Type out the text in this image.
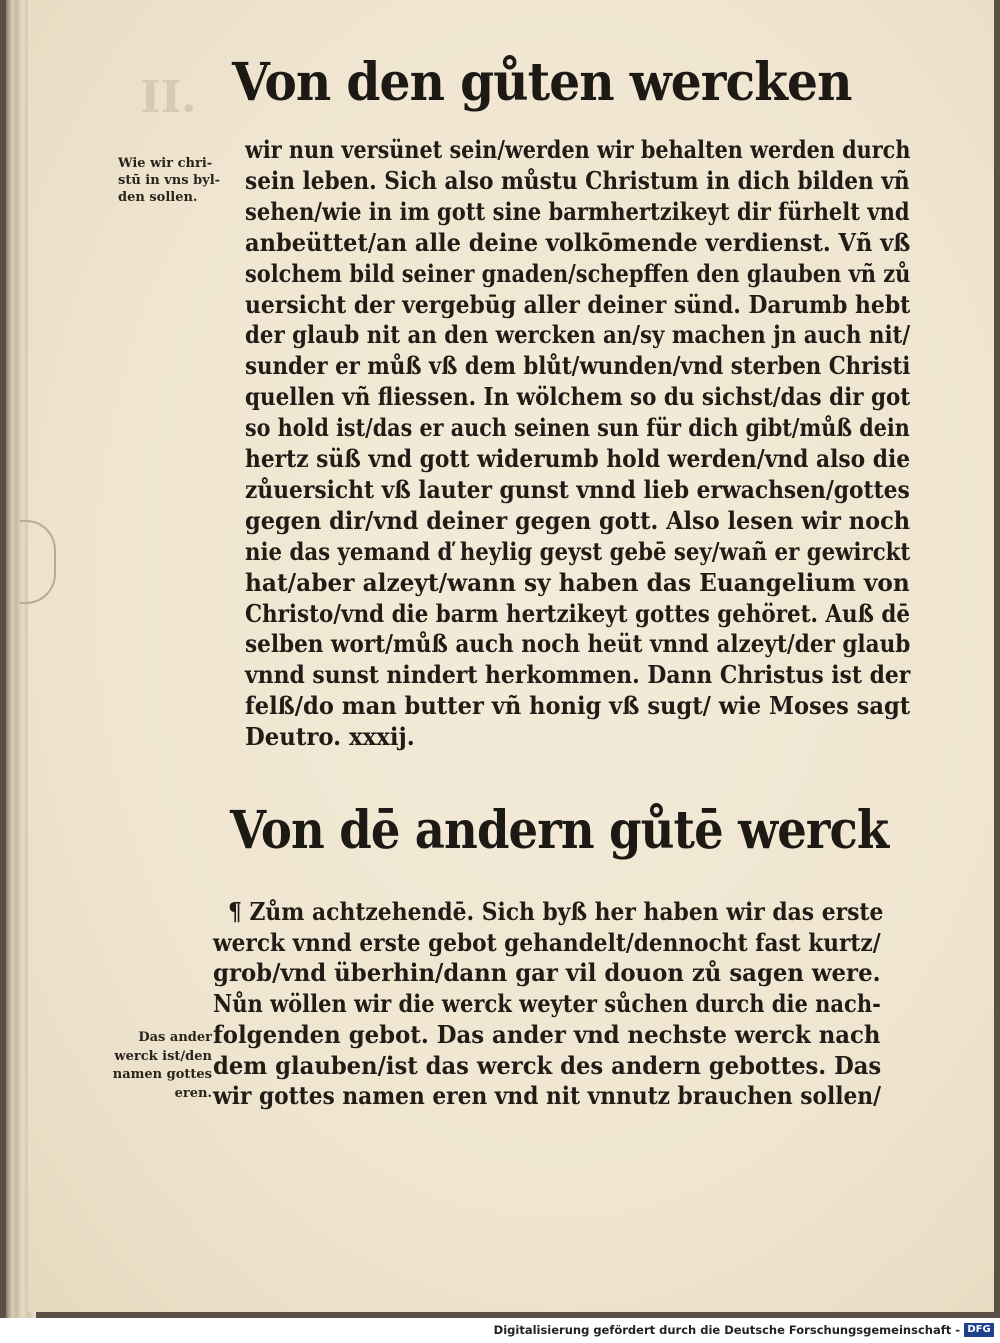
II. Von den gůten wercken
wir nun versünet sein/werden wir behalten werden durch
sein leben. Sich also můstu Christum in dich bilden vñ
sehen/wie in im gott sine barmhertzikeyt dir fürhelt vnd
anbeüttet/an alle deine volkōmende verdienst. Vñ vß
solchem bild seiner gnaden/schepffen den glauben vñ zů
uersicht der vergebūg aller deiner sünd. Darumb hebt
der glaub nit an den wercken an/sy machen jn auch nit/
sunder er můß vß dem blůt/wunden/vnd sterben Christi
quellen vñ fliessen. In wölchem so du sichst/das dir got
so hold ist/das er auch seinen sun für dich gibt/můß dein
hertz süß vnd gott widerumb hold werden/vnd also die
zůuersicht vß lauter gunst vnnd lieb erwachsen/gottes
gegen dir/vnd deiner gegen gott. Also lesen wir noch
nie das yemand ď heylig geyst gebē sey/wañ er gewirckt
hat/aber alzeyt/wann sy haben das Euangelium von
Christo/vnd die barm hertzikeyt gottes gehöret. Auß dē
selben wort/můß auch noch heüt vnnd alzeyt/der glaub
vnnd sunst nindert herkommen. Dann Christus ist der
felß/do man butter vñ honig vß sugt/ wie Moses sagt
Deutro. xxxij.
Wie wir chri-
stū in vns byl-
den sollen.
Von dē andern gůtē werck
¶ Zům achtzehendē. Sich byß her haben wir das erste
werck vnnd erste gebot gehandelt/dennocht fast kurtz/
grob/vnd überhin/dann gar vil douon zů sagen were.
Nůn wöllen wir die werck weyter sůchen durch die nach-
folgenden gebot. Das ander vnd nechste werck nach
dem glauben/ist das werck des andern gebottes. Das
wir gottes namen eren vnd nit vnnutz brauchen sollen/
Das ander
werck ist/den
namen gottes
eren.
Digitalisierung gefördert durch die Deutsche Forschungsgemeinschaft - DFG
